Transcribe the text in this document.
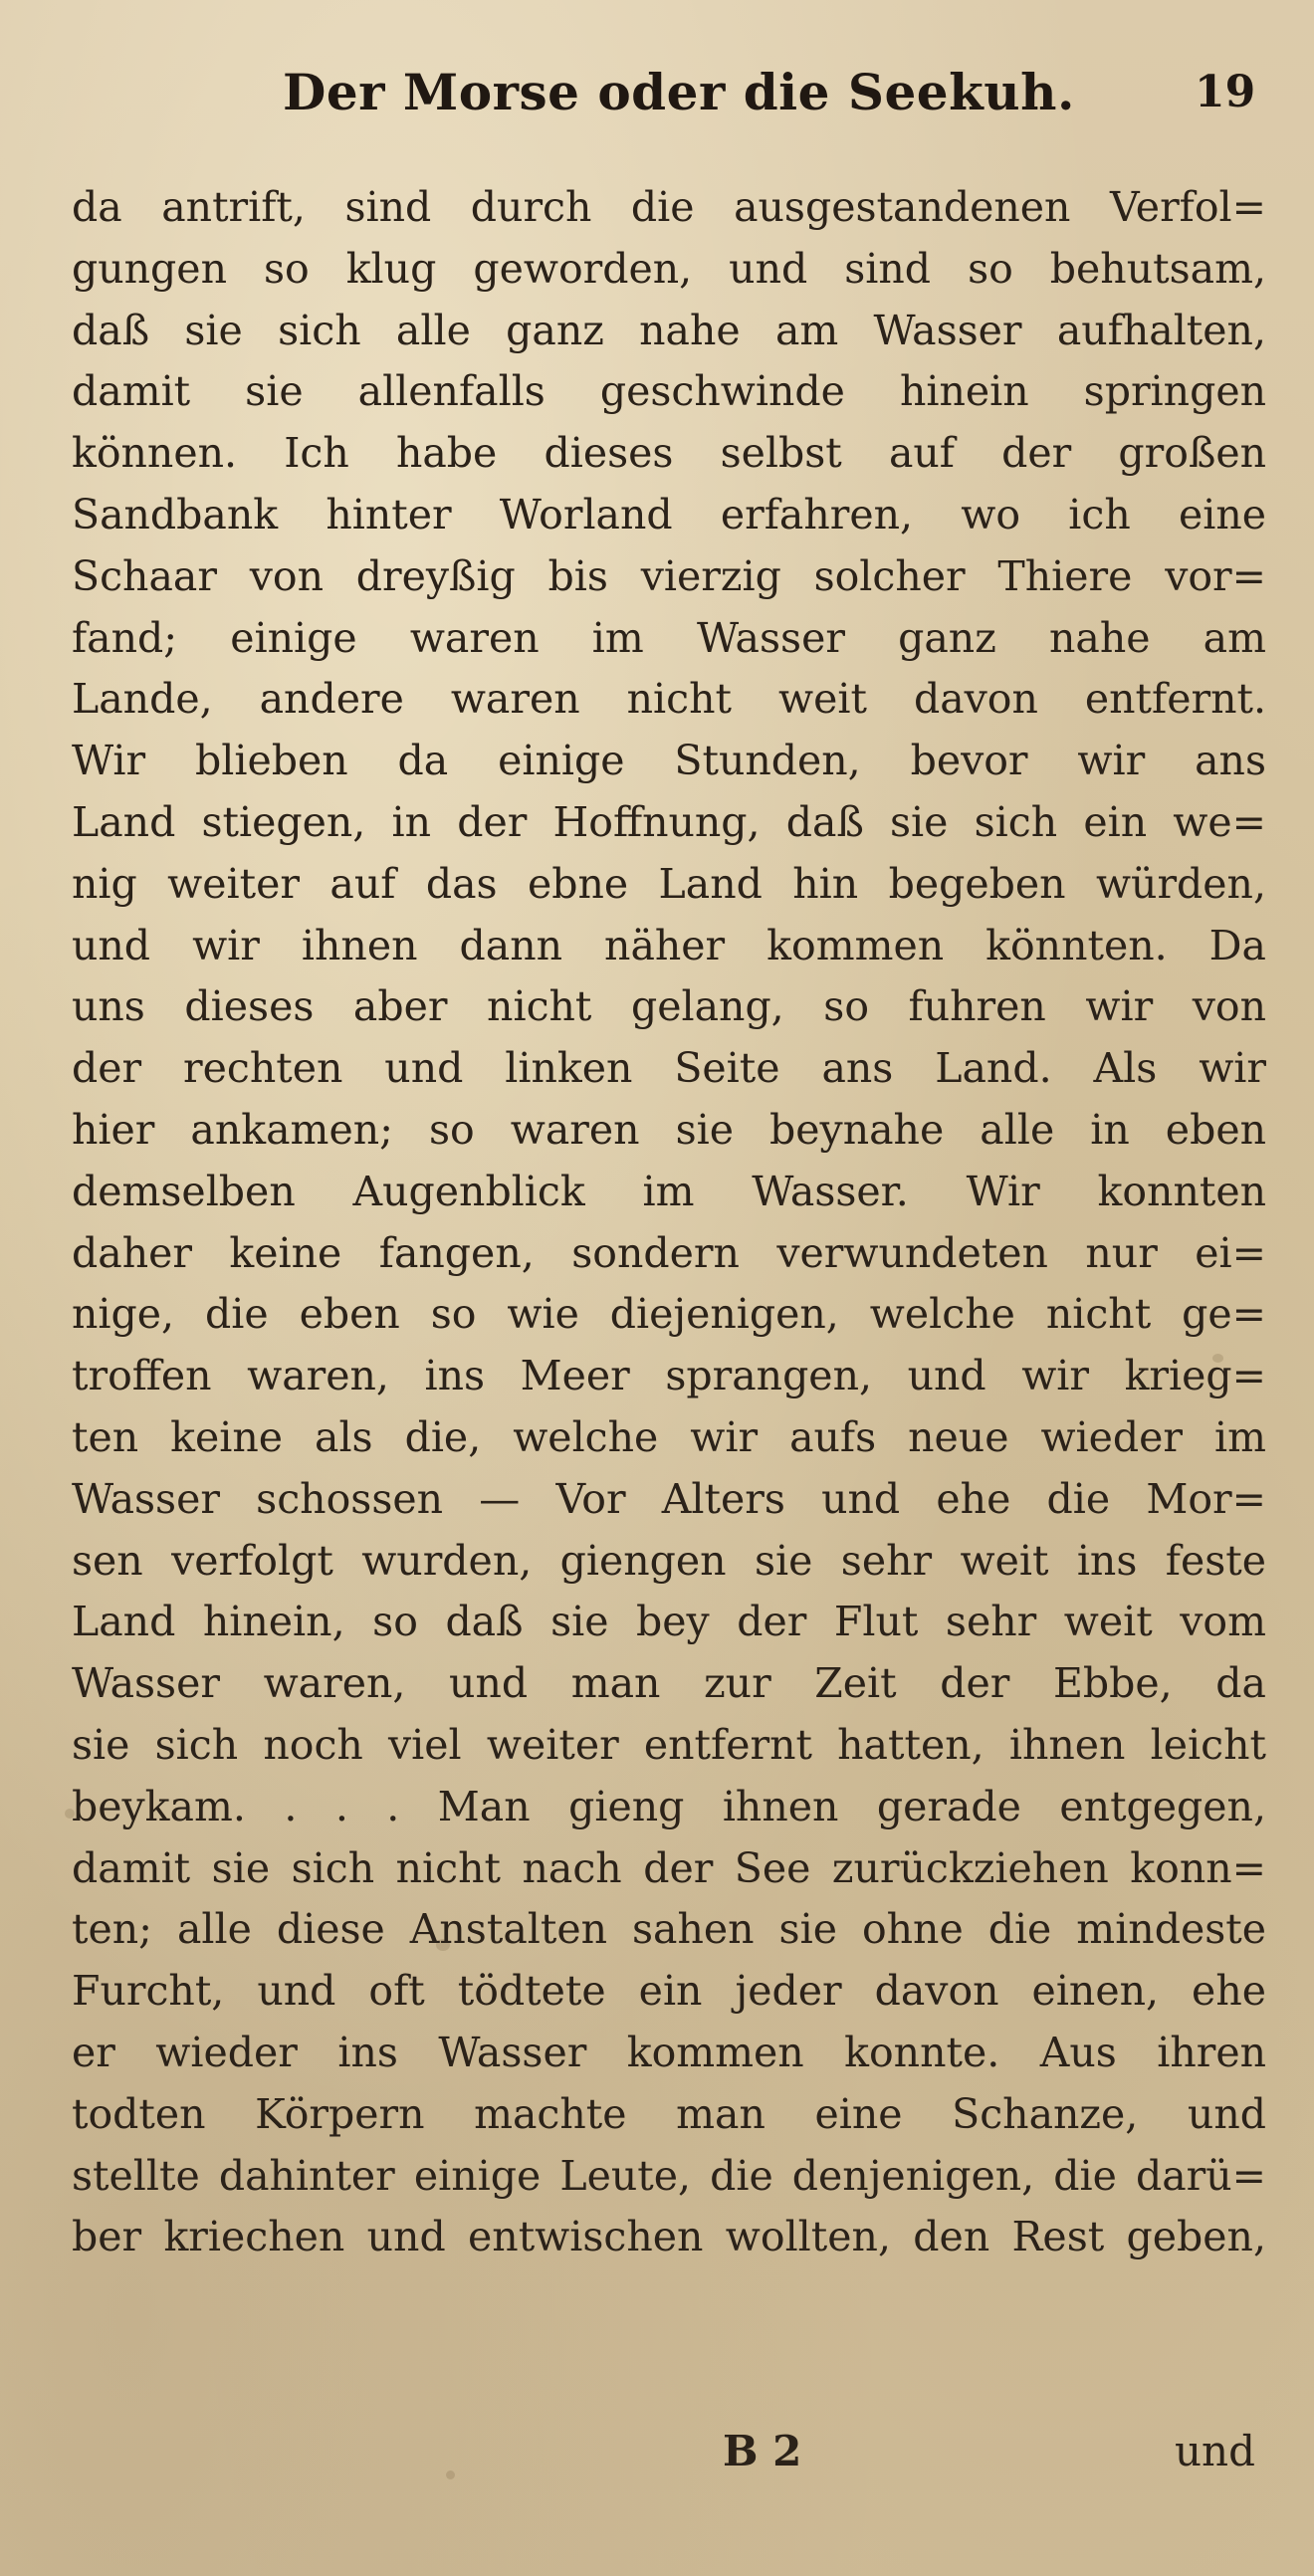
Der Morse oder die Seekuh.	19
da antrift, sind durch die ausgestandenen Verfol=
gungen so klug geworden, und sind so behutsam,
daß sie sich alle ganz nahe am Wasser aufhalten,
damit sie allenfalls geschwinde hinein springen
können. Ich habe dieses selbst auf der großen
Sandbank hinter Worland erfahren, wo ich eine
Schaar von dreyßig bis vierzig solcher Thiere vor=
fand; einige waren im Wasser ganz nahe am
Lande, andere waren nicht weit davon entfernt.
Wir blieben da einige Stunden, bevor wir ans
Land stiegen, in der Hoffnung, daß sie sich ein we=
nig weiter auf das ebne Land hin begeben würden,
und wir ihnen dann näher kommen könnten. Da
uns dieses aber nicht gelang, so fuhren wir von
der rechten und linken Seite ans Land. Als wir
hier ankamen; so waren sie beynahe alle in eben
demselben Augenblick im Wasser. Wir konnten
daher keine fangen, sondern verwundeten nur ei=
nige, die eben so wie diejenigen, welche nicht ge=
troffen waren, ins Meer sprangen, und wir krieg=
ten keine als die, welche wir aufs neue wieder im
Wasser schossen — Vor Alters und ehe die Mor=
sen verfolgt wurden, giengen sie sehr weit ins feste
Land hinein, so daß sie bey der Flut sehr weit vom
Wasser waren, und man zur Zeit der Ebbe, da
sie sich noch viel weiter entfernt hatten, ihnen leicht
beykam. . . . Man gieng ihnen gerade entgegen,
damit sie sich nicht nach der See zurückziehen konn=
ten; alle diese Anstalten sahen sie ohne die mindeste
Furcht, und oft tödtete ein jeder davon einen, ehe
er wieder ins Wasser kommen konnte. Aus ihren
todten Körpern machte man eine Schanze, und
stellte dahinter einige Leute, die denjenigen, die darü=
ber kriechen und entwischen wollten, den Rest geben,
B 2	und
